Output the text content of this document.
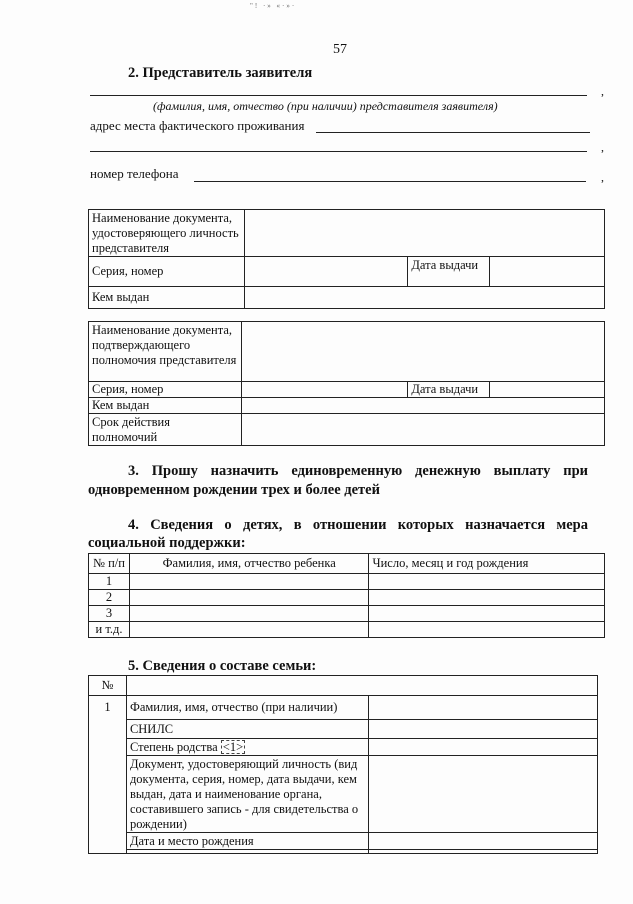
"! ·» «·»·
57
2. Представитель заявителя
,
(фамилия, имя, отчество (при наличии) представителя заявителя)
адрес места фактического проживания
,
номер телефона	,
Наименование документа, удостоверяющего личность представителя			
Серия, номер		Дата выдачи	
Кем выдан			
Наименование документа, подтверждающего полномочия представителя			
Серия, номер		Дата выдачи	
Кем выдан			
Срок действия полномочий			
3. Прошу назначить единовременную денежную выплату при
одновременном рождении трех и более детей
4. Сведения о детях, в отношении которых назначается мера
социальной поддержки:
№ п/п	Фамилия, имя, отчество ребенка	Число, месяц и год рождения
1		
2		
3		
и т.д.		
5. Сведения о составе семьи:
№		
1	Фамилия, имя, отчество (при наличии)	
	СНИЛС	
	Степень родства <1>	
	Документ, удостоверяющий личность (вид документа, серия, номер, дата выдачи, кем выдан, дата и наименование органа, составившего запись - для свидетельства о рождении)	
	Дата и место рождения	
